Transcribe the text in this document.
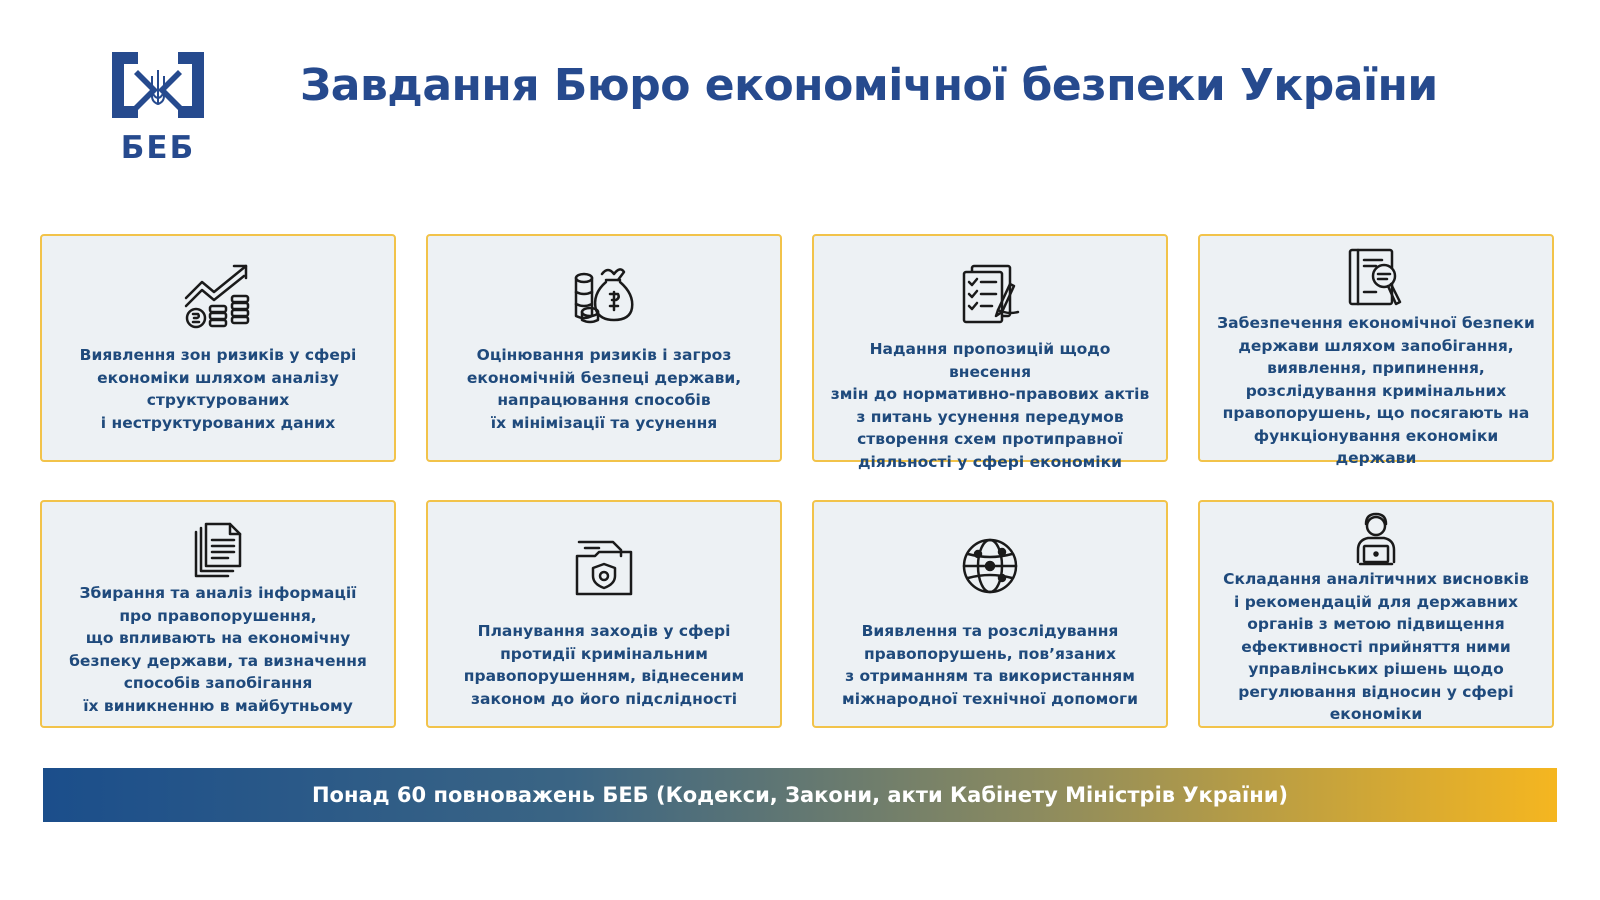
БЕБ
Завдання Бюро економічної безпеки України
Виявлення зон ризиків у сфері
економіки шляхом аналізу
структурованих
і неструктурованих даних
Оцінювання ризиків і загроз
економічній безпеці держави,
напрацювання способів
їх мінімізації та усунення
Надання пропозицій щодо внесення
змін до нормативно-правових актів
з питань усунення передумов
створення схем протиправної
діяльності у сфері економіки
Забезпечення економічної безпеки
держави шляхом запобігання,
виявлення, припинення,
розслідування кримінальних
правопорушень, що посягають на
функціонування економіки держави
Збирання та аналіз інформації
про правопорушення,
що впливають на економічну
безпеку держави, та визначення
способів запобігання
їх виникненню в майбутньому
Планування заходів у сфері
протидії кримінальним
правопорушенням, віднесеним
законом до його підслідності
Виявлення та розслідування
правопорушень, пов’язаних
з отриманням та використанням
міжнародної технічної допомоги
Складання аналітичних висновків
і рекомендацій для державних
органів з метою підвищення
ефективності прийняття ними
управлінських рішень щодо
регулювання відносин у сфері
економіки
Понад 60 повноважень БЕБ (Кодекси, Закони, акти Кабінету Міністрів України)
